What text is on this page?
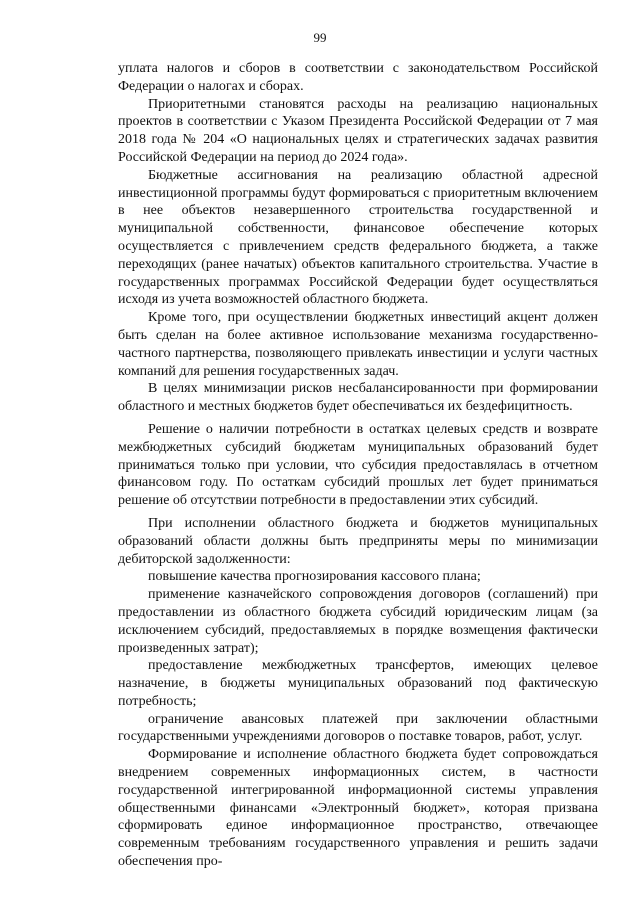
99

уплата налогов и сборов в соответствии с законодательством Российской Федерации о налогах и сборах.

Приоритетными становятся расходы на реализацию национальных проектов в соответствии с Указом Президента Российской Федерации от 7 мая 2018 года № 204 «О национальных целях и стратегических задачах развития Российской Федерации на период до 2024 года».

Бюджетные ассигнования на реализацию областной адресной инвестиционной программы будут формироваться с приоритетным включением в нее объектов незавершенного строительства государственной и муниципальной собственности, финансовое обеспечение которых осуществляется с привлечением средств федерального бюджета, а также переходящих (ранее начатых) объектов капитального строительства. Участие в государственных программах Российской Федерации будет осуществляться исходя из учета возможностей областного бюджета.

Кроме того, при осуществлении бюджетных инвестиций акцент должен быть сделан на более активное использование механизма государственно-частного партнерства, позволяющего привлекать инвестиции и услуги частных компаний для решения государственных задач.

В целях минимизации рисков несбалансированности при формировании областного и местных бюджетов будет обеспечиваться их бездефицитность.

Решение о наличии потребности в остатках целевых средств и возврате межбюджетных субсидий бюджетам муниципальных образований будет приниматься только при условии, что субсидия предоставлялась в отчетном финансовом году. По остаткам субсидий прошлых лет будет приниматься решение об отсутствии потребности в предоставлении этих субсидий.

При исполнении областного бюджета и бюджетов муниципальных образований области должны быть предприняты меры по минимизации дебиторской задолженности:

повышение качества прогнозирования кассового плана;

применение казначейского сопровождения договоров (соглашений) при предоставлении из областного бюджета субсидий юридическим лицам (за исключением субсидий, предоставляемых в порядке возмещения фактически произведенных затрат);

предоставление межбюджетных трансфертов, имеющих целевое назначение, в бюджеты муниципальных образований под фактическую потребность;

ограничение авансовых платежей при заключении областными государственными учреждениями договоров о поставке товаров, работ, услуг.

Формирование и исполнение областного бюджета будет сопровождаться внедрением современных информационных систем, в частности государственной интегрированной информационной системы управления общественными финансами «Электронный бюджет», которая призвана сформировать единое информационное пространство, отвечающее современным требованиям государственного управления и решить задачи обеспечения про-
